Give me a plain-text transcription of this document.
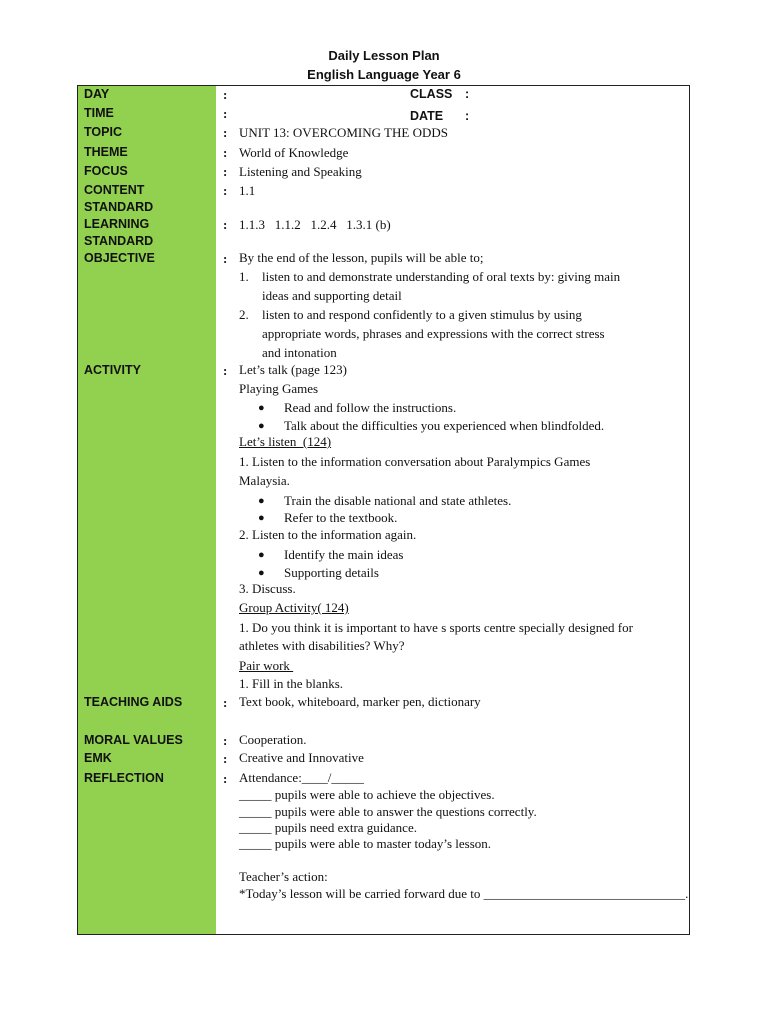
Daily Lesson Plan
English Language Year 6
DAY
TIME
TOPIC
THEME
FOCUS
CONTENT
STANDARD
LEARNING
STANDARD
OBJECTIVE
ACTIVITY
TEACHING AIDS
MORAL VALUES
EMK
REFLECTION
:
:
:
:
:
:
:
:
:
:
:
:
:
CLASS :
DATE :
UNIT 13: OVERCOMING THE ODDS
World of Knowledge
Listening and Speaking
1.1
1.1.3   1.1.2   1.2.4   1.3.1 (b)
By the end of the lesson, pupils will be able to;
1. listen to and demonstrate understanding of oral texts by: giving main
ideas and supporting detail
2. listen to and respond confidently to a given stimulus by using
appropriate words, phrases and expressions with the correct stress
and intonation
Let’s talk (page 123)
Playing Games
● Read and follow the instructions.
● Talk about the difficulties you experienced when blindfolded.
Let’s listen  (124)
1. Listen to the information conversation about Paralympics Games
Malaysia.
● Train the disable national and state athletes.
● Refer to the textbook.
2. Listen to the information again.
● Identify the main ideas
● Supporting details
3. Discuss.
Group Activity( 124)
1. Do you think it is important to have s sports centre specially designed for
athletes with disabilities? Why?
Pair work
1. Fill in the blanks.
Text book, whiteboard, marker pen, dictionary
Cooperation.
Creative and Innovative
Attendance:____/_____
_____ pupils were able to achieve the objectives.
_____ pupils were able to answer the questions correctly.
_____ pupils need extra guidance.
_____ pupils were able to master today’s lesson.
Teacher’s action:
*Today’s lesson will be carried forward due to _______________________________.
